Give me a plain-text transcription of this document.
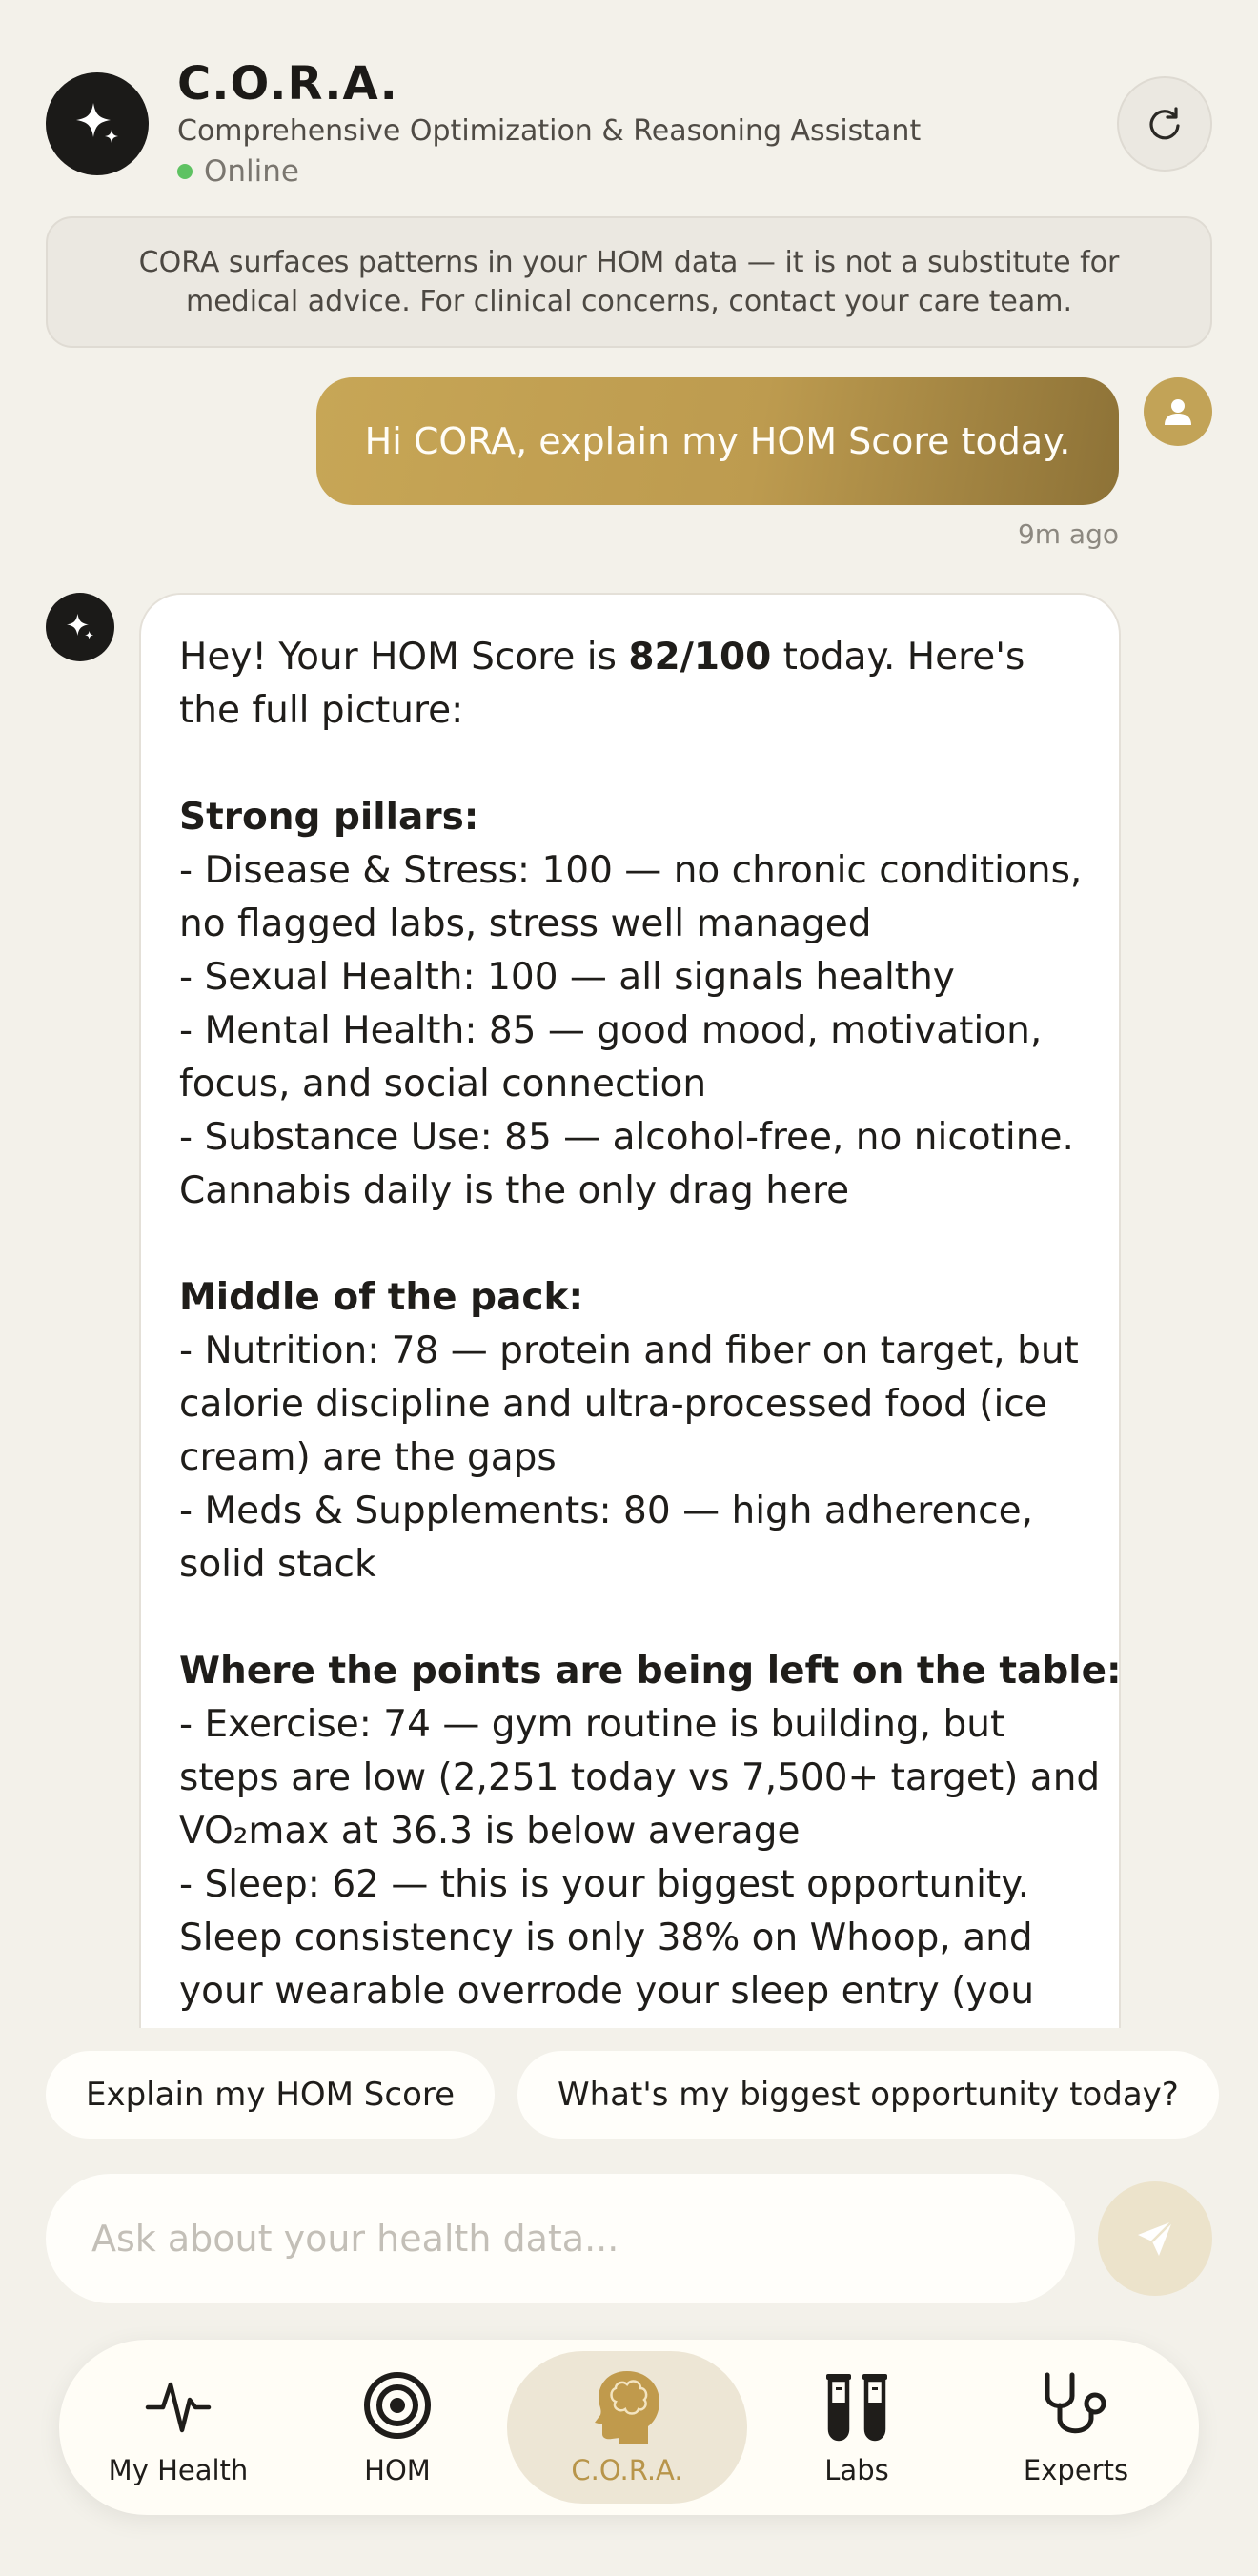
C.O.R.A.
Comprehensive Optimization & Reasoning Assistant
Online
CORA surfaces patterns in your HOM data — it is not a substitute for medical advice. For clinical concerns, contact your care team.
Hi CORA, explain my HOM Score today.
9m ago

Hey! Your HOM Score is 82/100 today. Here's

the full picture:

Strong pillars:

- Disease & Stress: 100 — no chronic conditions,

no flagged labs, stress well managed

- Sexual Health: 100 — all signals healthy

- Mental Health: 85 — good mood, motivation,

focus, and social connection

- Substance Use: 85 — alcohol-free, no nicotine.

Cannabis daily is the only drag here

Middle of the pack:

- Nutrition: 78 — protein and fiber on target, but

calorie discipline and ultra-processed food (ice

cream) are the gaps

- Meds & Supplements: 80 — high adherence,

solid stack

Where the points are being left on the table:

- Exercise: 74 — gym routine is building, but

steps are low (2,251 today vs 7,500+ target) and

VO₂max at 36.3 is below average

- Sleep: 62 — this is your biggest opportunity.

Sleep consistency is only 38% on Whoop, and

your wearable overrode your sleep entry (you

Explain my HOM Score	What's my biggest opportunity today?
Ask about your health data...
My Health	HOM	C.O.R.A.	Labs	Experts
